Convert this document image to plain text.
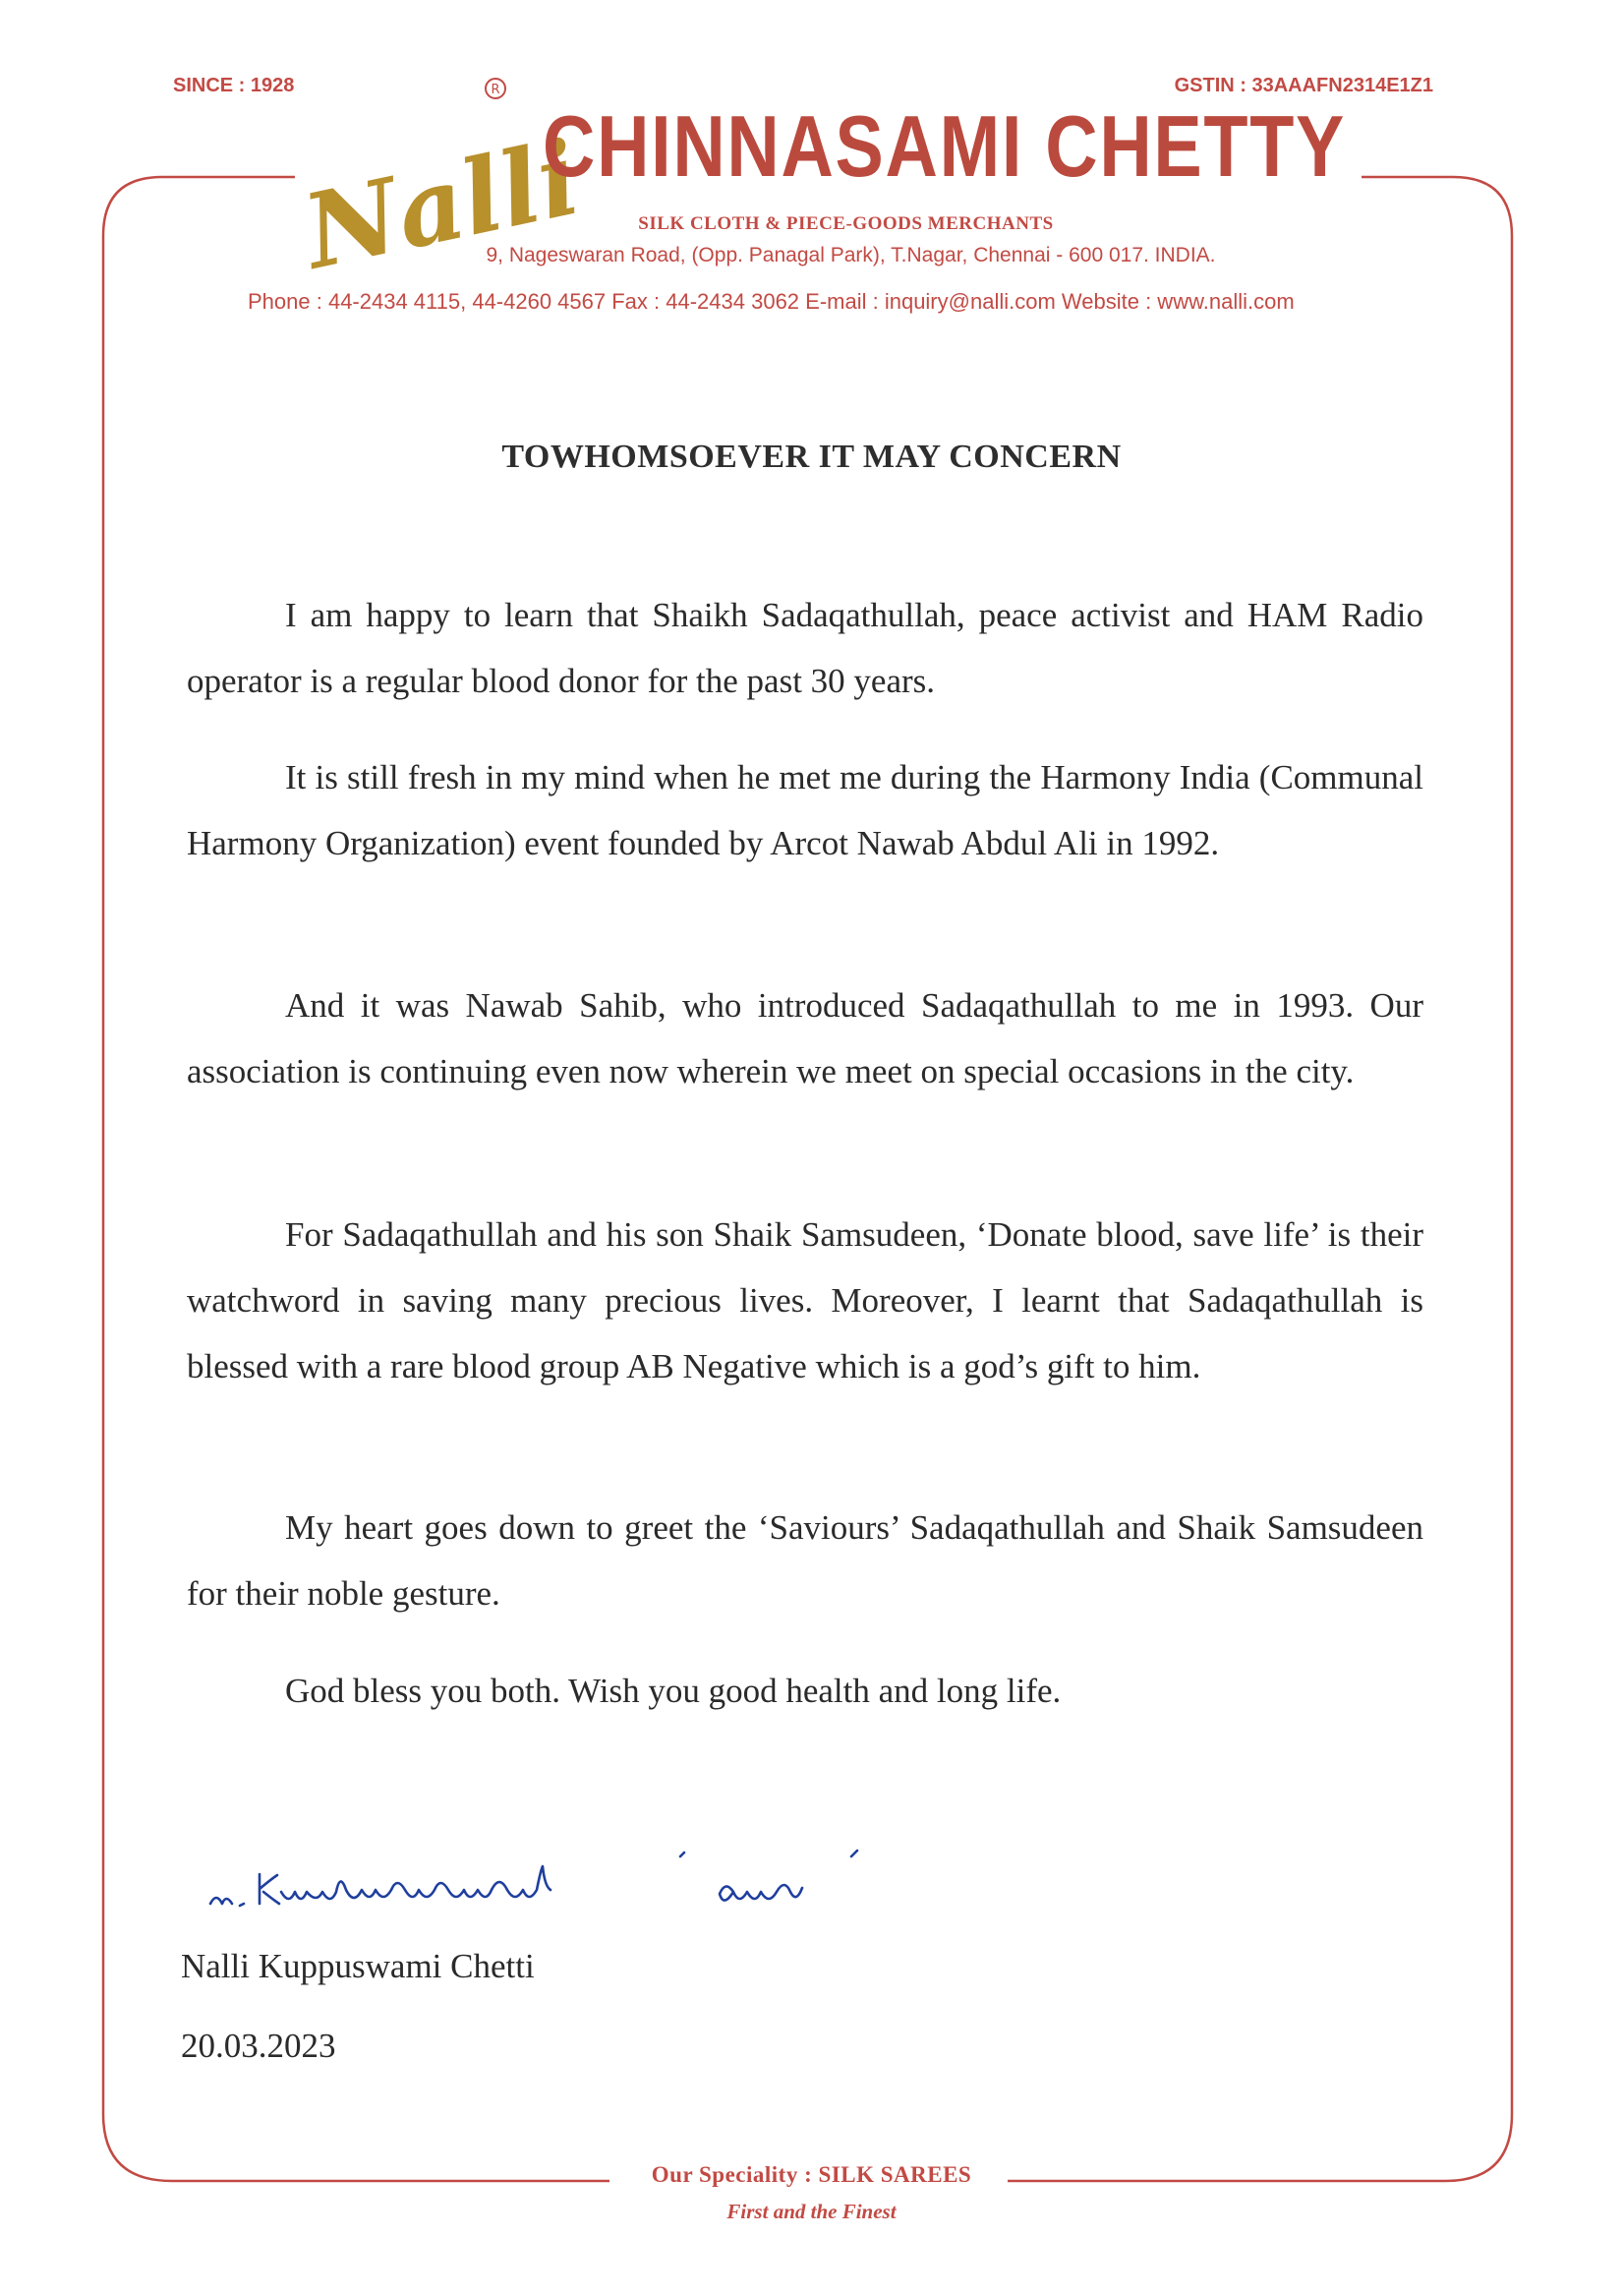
SINCE : 1928	GSTIN : 33AAAFN2314E1Z1
Nalli
R
CHINNASAMI CHETTY
SILK CLOTH & PIECE-GOODS MERCHANTS
9, Nageswaran Road, (Opp. Panagal Park), T.Nagar, Chennai - 600 017. INDIA.
Phone : 44-2434 4115, 44-4260 4567 Fax : 44-2434 3062 E-mail : inquiry@nalli.com Website : www.nalli.com
TOWHOMSOEVER IT MAY CONCERN

I am happy to learn that Shaikh Sadaqathullah, peace activist and HAM Radio operator is a regular blood donor for the past 30 years.

It is still fresh in my mind when he met me during the Harmony India (Communal Harmony Organization) event founded by Arcot Nawab Abdul Ali in 1992.

And it was Nawab Sahib, who introduced Sadaqathullah to me in 1993. Our association is continuing even now wherein we meet on special occasions in the city.

For Sadaqathullah and his son Shaik Samsudeen, ‘Donate blood, save life’ is their watchword in saving many precious lives. Moreover, I learnt that Sadaqathullah is blessed with a rare blood group AB Negative which is a god’s gift to him.

My heart goes down to greet the ‘Saviours’ Sadaqathullah and Shaik Samsudeen for their noble gesture.

God bless you both. Wish you good health and long life.

Nalli Kuppuswami Chetti
20.03.2023
Our Speciality : SILK SAREES
First and the Finest
